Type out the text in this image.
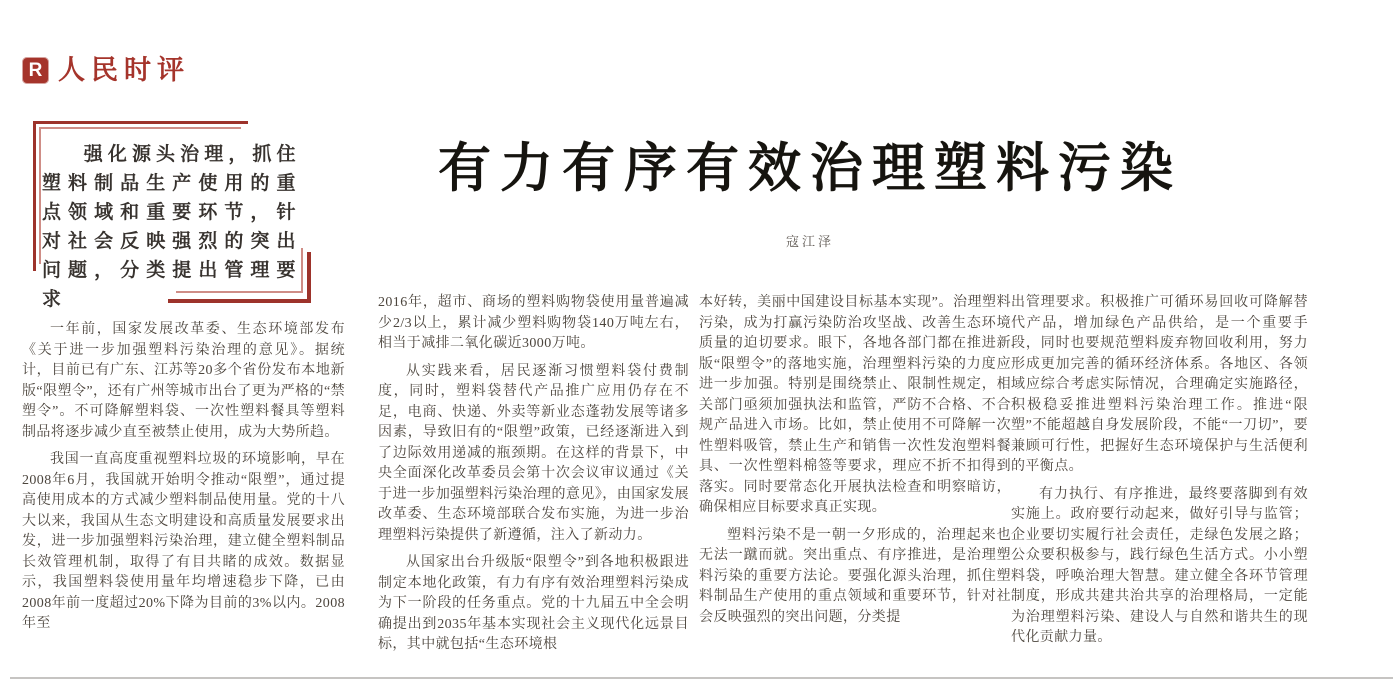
R 人民时评
强化源头治理，抓住塑料制品生产使用的重点领域和重要环节，针对社会反映强烈的突出问题，分类提出管理要求
有力有序有效治理塑料污染
寇江泽

一年前，国家发展改革委、生态环境部发布《关于进一步加强塑料污染治理的意见》。据统计，目前已有广东、江苏等20多个省份发布本地新版“限塑令”，还有广州等城市出台了更为严格的“禁塑令”。不可降解塑料袋、一次性塑料餐具等塑料制品将逐步减少直至被禁止使用，成为大势所趋。

我国一直高度重视塑料垃圾的环境影响，早在2008年6月，我国就开始明令推动“限塑”，通过提高使用成本的方式减少塑料制品使用量。党的十八大以来，我国从生态文明建设和高质量发展要求出发，进一步加强塑料污染治理，建立健全塑料制品长效管理机制，取得了有目共睹的成效。数据显示，我国塑料袋使用量年均增速稳步下降，已由2008年前一度超过20%下降为目前的3%以内。2008年至

2016年，超市、商场的塑料购物袋使用量普遍减少2/3以上，累计减少塑料购物袋140万吨左右，相当于减排二氧化碳近3000万吨。

从实践来看，居民逐渐习惯塑料袋付费制度，同时，塑料袋替代产品推广应用仍存在不足，电商、快递、外卖等新业态蓬勃发展等诸多因素，导致旧有的“限塑”政策，已经逐渐进入到了边际效用递减的瓶颈期。在这样的背景下，中央全面深化改革委员会第十次会议审议通过《关于进一步加强塑料污染治理的意见》，由国家发展改革委、生态环境部联合发布实施，为进一步治理塑料污染提供了新遵循，注入了新动力。

从国家出台升级版“限塑令”到各地积极跟进制定本地化政策，有力有序有效治理塑料污染成为下一阶段的任务重点。党的十九届五中全会明确提出到2035年基本实现社会主义现代化远景目标，其中就包括“生态环境根

本好转，美丽中国建设目标基本实现”。治理塑料污染，成为打赢污染防治攻坚战、改善生态环境质量的迫切要求。眼下，各地各部门都在推进新版“限塑令”的落地实施，治理塑料污染的力度应进一步加强。特别是围绕禁止、限制性规定，相关部门亟须加强执法和监管，严防不合格、不合规产品进入市场。比如，禁止使用不可降解一次性塑料吸管，禁止生产和销售一次性发泡塑料餐具、一次性塑料棉签等要求，理应不折不扣得到落实。同时要常态化开展执法检查和明察暗访，确保相应目标要求真正实现。

塑料污染不是一朝一夕形成的，治理起来也无法一蹴而就。突出重点、有序推进，是治理塑料污染的重要方法论。要强化源头治理，抓住塑料制品生产使用的重点领域和重要环节，针对社会反映强烈的突出问题，分类提

出管理要求。积极推广可循环易回收可降解替代产品，增加绿色产品供给，是一个重要手段，同时也要规范塑料废弃物回收利用，努力形成更加完善的循环经济体系。各地区、各领域应综合考虑实际情况，合理确定实施路径，积极稳妥推进塑料污染治理工作。推进“限塑”不能超越自身发展阶段，不能“一刀切”，要兼顾可行性，把握好生态环境保护与生活便利的平衡点。

有力执行、有序推进，最终要落脚到有效实施上。政府要行动起来，做好引导与监管；企业要切实履行社会责任，走绿色发展之路；公众要积极参与，践行绿色生活方式。小小塑料袋，呼唤治理大智慧。建立健全各环节管理制度，形成共建共治共享的治理格局，一定能为治理塑料污染、建设人与自然和谐共生的现代化贡献力量。
